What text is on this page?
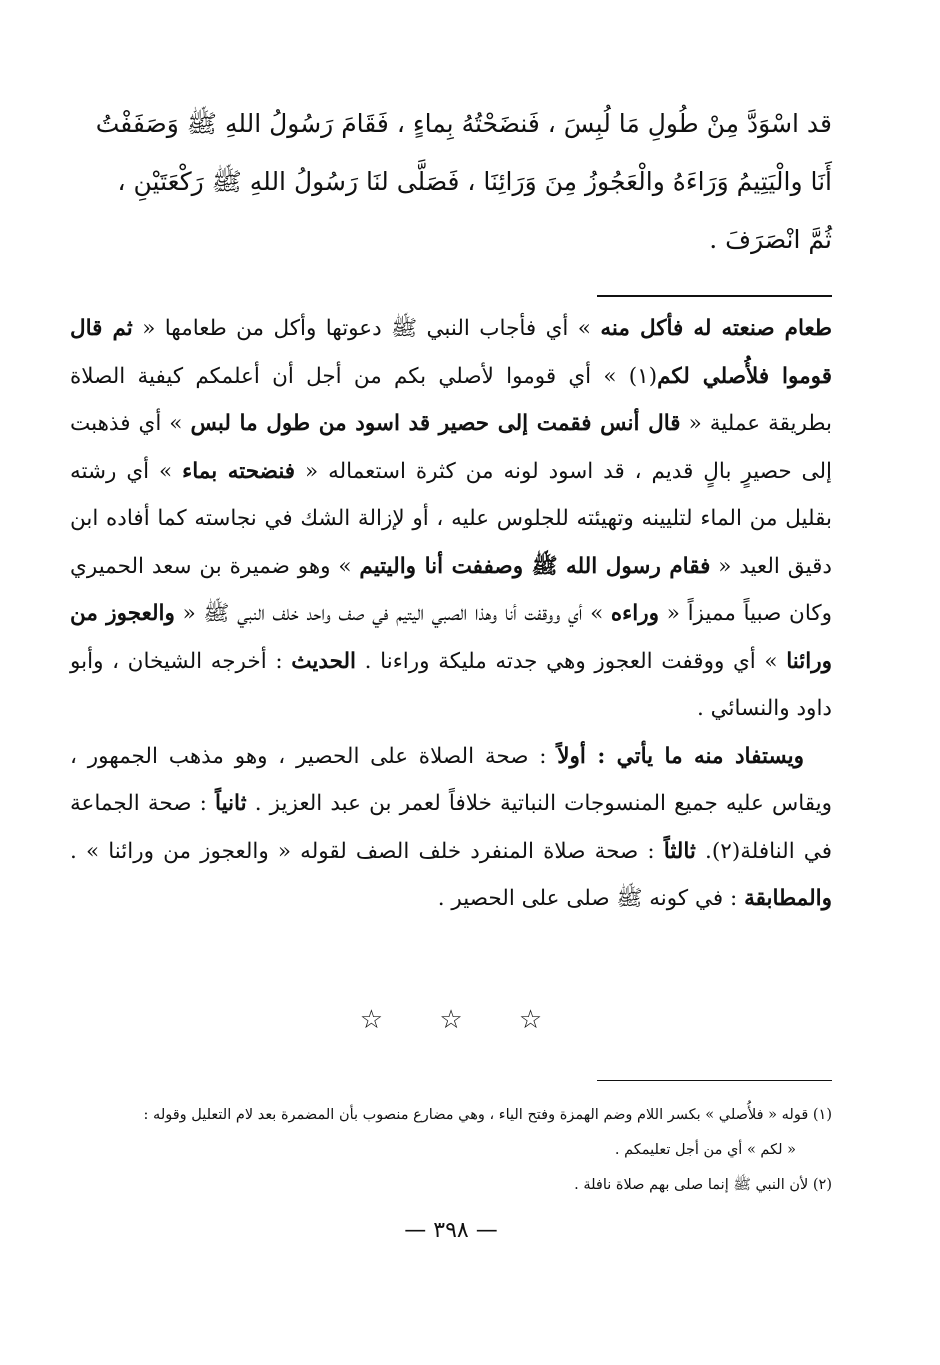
قد اسْوَدَّ مِنْ طُولِ مَا لُبِسَ ، فَنضَحْتُهُ بِماءٍ ، فَقَامَ رَسُولُ اللهِ ﷺ وَصَفَفْتُ
أَنَا والْيَتِيمُ وَرَاءَهُ والْعَجُوزُ مِنَ وَرَائِنَا ، فَصَلَّى لنَا رَسُولُ اللهِ ﷺ رَكْعَتَيْنِ ،
ثُمَّ انْصَرَفَ .

طعام صنعته له فأكل منه » أي فأجاب النبي ﷺ دعوتها وأكل من طعامها « ثم قال قوموا فلأُصلي لكم(١) » أي قوموا لأصلي بكم من أجل أن أعلمكم كيفية الصلاة بطريقة عملية « قال أنس فقمت إلى حصير قد اسود من طول ما لبس » أي فذهبت إلى حصيرٍ بالٍ قديم ، قد اسود لونه من كثرة استعماله « فنضحته بماء » أي رشته بقليل من الماء لتليينه وتهيئته للجلوس عليه ، أو لإزالة الشك في نجاسته كما أفاده ابن دقيق العيد « فقام رسول الله ﷺ وصففت أنا واليتيم » وهو ضميرة بن سعد الحميري وكان صبياً مميزاً « وراءه » أي ووقفت أنا وهذا الصبي اليتيم في صف واحد خلف النبي ﷺ « والعجوز من ورائنا » أي ووقفت العجوز وهي جدته مليكة وراءنا . الحديث : أخرجه الشيخان ، وأبو داود والنسائي .

ويستفاد منه ما يأتي : أولاً : صحة الصلاة على الحصير ، وهو مذهب الجمهور ، ويقاس عليه جميع المنسوجات النباتية خلافاً لعمر بن عبد العزيز . ثانياً : صحة الجماعة في النافلة(٢). ثالثاً : صحة صلاة المنفرد خلف الصف لقوله « والعجوز من ورائنا » . والمطابقة : في كونه ﷺ صلى على الحصير .

☆ ☆ ☆

(١) قوله « فلأُصلي » بكسر اللام وضم الهمزة وفتح الياء ، وهي مضارع منصوب بأن المضمرة بعد لام التعليل وقوله :

« لكم » أي من أجل تعليمكم .

(٢) لأن النبي ﷺ إنما صلى بهم صلاة نافلة .

— ٣٩٨ —
